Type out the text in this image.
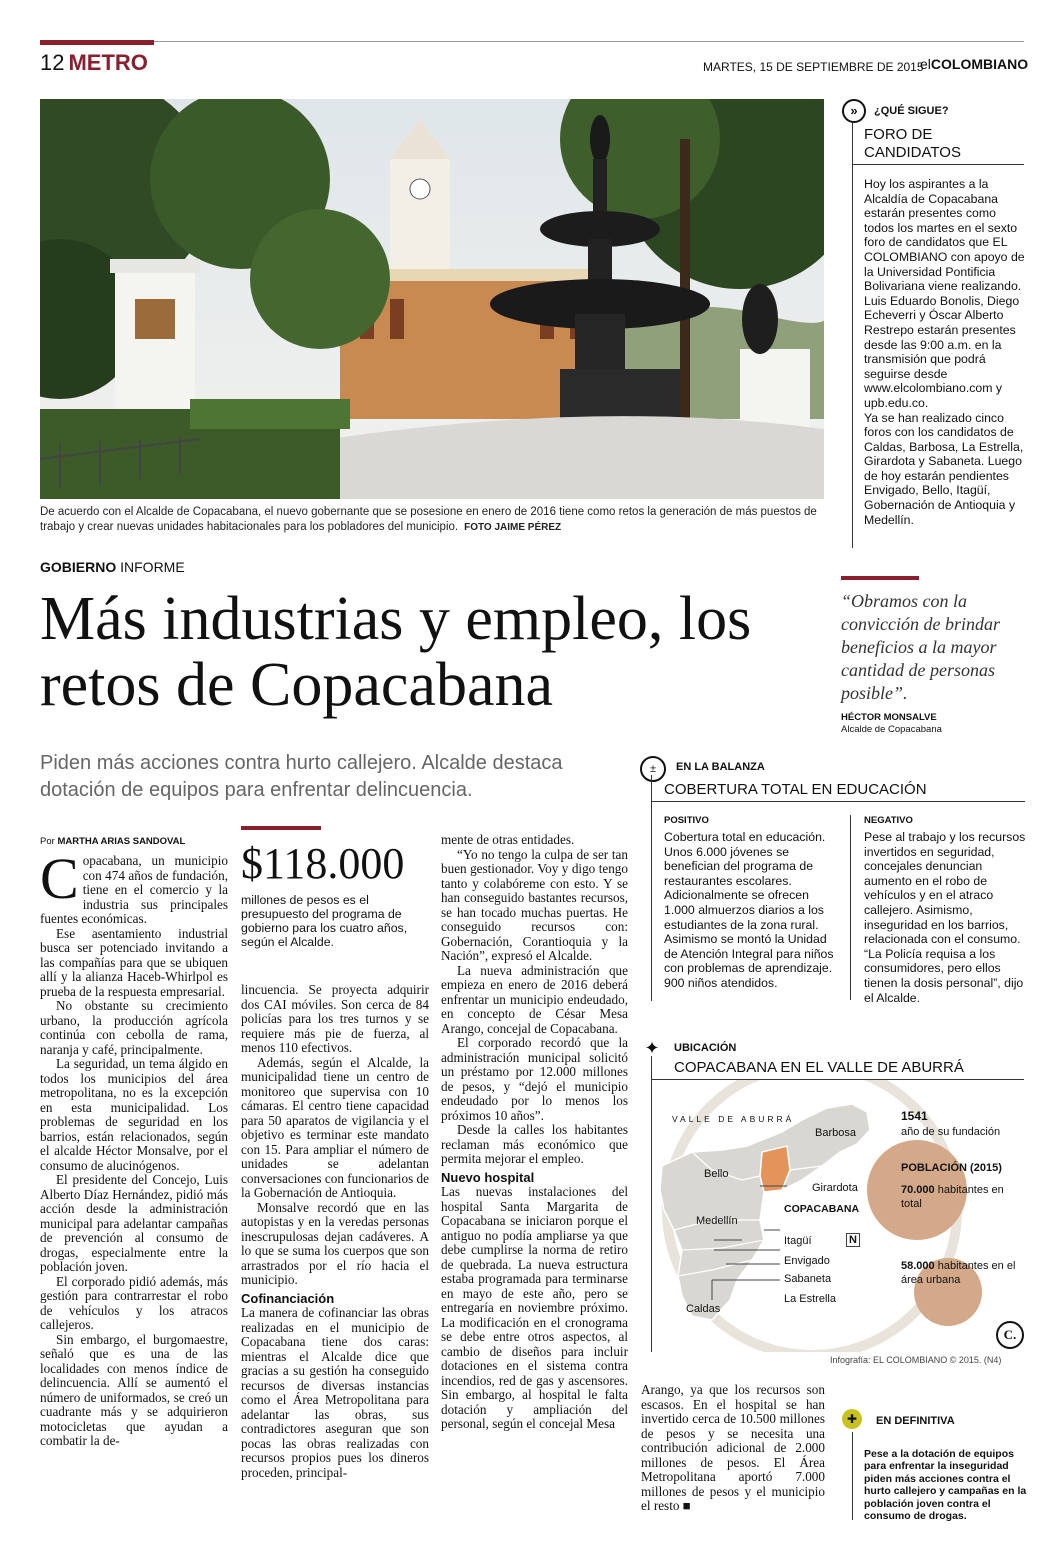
12 METRO	MARTES, 15 DE SEPTIEMBRE DE 2015
elCOLOMBIANO
De acuerdo con el Alcalde de Copacabana, el nuevo gobernante que se posesione en enero de 2016 tiene como retos la generación de más puestos de trabajo y crear nuevas unidades habitacionales para los pobladores del municipio. FOTO JAIME PÉREZ
»	¿QUÉ SIGUE?
FORO DE CANDIDATOS

Hoy los aspirantes a la Alcaldía de Copacabana estarán presentes como todos los martes en el sexto foro de candidatos que EL COLOMBIANO con apoyo de la Universidad Pontificia Bolivariana viene realizando.

Luis Eduardo Bonolis, Diego Echeverri y Óscar Alberto Restrepo estarán presentes desde las 9:00 a.m. en la transmisión que podrá seguirse desde www.elcolombiano.com y upb.edu.co.

Ya se han realizado cinco foros con los candidatos de Caldas, Barbosa, La Estrella, Girardota y Sabaneta. Luego de hoy estarán pendientes Envigado, Bello, Itagüí, Gobernación de Antioquia y Medellín.

GOBIERNO INFORME
Más industrias y empleo, los retos de Copacabana
Piden más acciones contra hurto callejero. Alcalde destaca dotación de equipos para enfrentar delincuencia.
“Obramos con la convicción de brindar beneficios a la mayor cantidad de personas posible”.
HÉCTOR MONSALVE
Alcalde de Copacabana
Por MARTHA ARIAS SANDOVAL

Copacabana, un municipio con 474 años de fundación, tiene en el comercio y la industria sus principales fuentes económicas.

Ese asentamiento industrial busca ser potenciado invitando a las compañías para que se ubiquen allí y la alianza Haceb-Whirlpol es prueba de la respuesta empresarial.

No obstante su crecimiento urbano, la producción agrícola continúa con cebolla de rama, naranja y café, principalmente.

La seguridad, un tema álgido en todos los municipios del área metropolitana, no es la excepción en esta municipalidad. Los problemas de seguridad en los barrios, están relacionados, según el alcalde Héctor Monsalve, por el consumo de alucinógenos.

El presidente del Concejo, Luis Alberto Díaz Hernández, pidió más acción desde la administración municipal para adelantar campañas de prevención al consumo de drogas, especialmente entre la población joven.

El corporado pidió además, más gestión para contrarrestar el robo de vehículos y los atracos callejeros.

Sin embargo, el burgomaestre, señaló que es una de las localidades con menos índice de delincuencia. Allí se aumentó el número de uniformados, se creó un cuadrante más y se adquirieron motocicletas que ayudan a combatir la de-

$118.000
millones de pesos es el presupuesto del programa de gobierno para los cuatro años, según el Alcalde.

lincuencia. Se proyecta adquirir dos CAI móviles. Son cerca de 84 policías para los tres turnos y se requiere más pie de fuerza, al menos 110 efectivos.

Además, según el Alcalde, la municipalidad tiene un centro de monitoreo que supervisa con 10 cámaras. El centro tiene capacidad para 50 aparatos de vigilancia y el objetivo es terminar este mandato con 15. Para ampliar el número de unidades se adelantan conversaciones con funcionarios de la Gobernación de Antioquia.

Monsalve recordó que en las autopistas y en la veredas personas inescrupulosas dejan cadáveres. A lo que se suma los cuerpos que son arrastrados por el río hacia el municipio.

Cofinanciación

La manera de cofinanciar las obras realizadas en el municipio de Copacabana tiene dos caras: mientras el Alcalde dice que gracias a su gestión ha conseguido recursos de diversas instancias como el Área Metropolitana para adelantar las obras, sus contradictores aseguran que son pocas las obras realizadas con recursos propios pues los dineros proceden, principal-

mente de otras entidades.

“Yo no tengo la culpa de ser tan buen gestionador. Voy y digo tengo tanto y colabóreme con esto. Y se han conseguido bastantes recursos, se han tocado muchas puertas. He conseguido recursos con: Gobernación, Corantioquia y la Nación”, expresó el Alcalde.

La nueva administración que empieza en enero de 2016 deberá enfrentar un municipio endeudado, en concepto de César Mesa Arango, concejal de Copacabana.

El corporado recordó que la administración municipal solicitó un préstamo por 12.000 millones de pesos, y “dejó el municipio endeudado por lo menos los próximos 10 años”.

Desde la calles los habitantes reclaman más económico que permita mejorar el empleo.

Nuevo hospital

Las nuevas instalaciones del hospital Santa Margarita de Copacabana se iniciaron porque el antiguo no podía ampliarse ya que debe cumplirse la norma de retiro de quebrada. La nueva estructura estaba programada para terminarse en mayo de este año, pero se entregaría en noviembre próximo. La modificación en el cronograma se debe entre otros aspectos, al cambio de diseños para incluir dotaciones en el sistema contra incendios, red de gas y ascensores. Sin embargo, al hospital le falta dotación y ampliación del personal, según el concejal Mesa

±	EN LA BALANZA
COBERTURA TOTAL EN EDUCACIÓN
POSITIVO
Cobertura total en educación. Unos 6.000 jóvenes se benefician del programa de restaurantes escolares. Adicionalmente se ofrecen 1.000 almuerzos diarios a los estudiantes de la zona rural. Asimismo se montó la Unidad de Atención Integral para niños con problemas de aprendizaje. 900 niños atendidos.
NEGATIVO
Pese al trabajo y los recursos invertidos en seguridad, concejales denuncian aumento en el robo de vehículos y en el atraco callejero. Asimismo, inseguridad en los barrios, relacionada con el consumo. “La Policía requisa a los consumidores, pero ellos tienen la dosis personal”, dijo el Alcalde.
✦ UBICACIÓN
COPACABANA EN EL VALLE DE ABURRÁ
VALLE DE ABURRÁ
Barbosa
Bello
Girardota
COPACABANA
Medellín
Itagüí
Envigado
Sabaneta
La Estrella
Caldas
N
1541
año de su fundación
POBLACIÓN (2015)
70.000 habitantes en total
58.000 habitantes en el área urbana
C.
Infografía: EL COLOMBIANO © 2015. (N4)

Arango, ya que los recursos son escasos. En el hospital se han invertido cerca de 10.500 millones de pesos y se necesita una contribución adicional de 2.000 millones de pesos. El Área Metropolitana aportó 7.000 millones de pesos y el municipio el resto ■

✚	EN DEFINITIVA
Pese a la dotación de equipos para enfrentar la inseguridad piden más acciones contra el hurto callejero y campañas en la población joven contra el consumo de drogas.
